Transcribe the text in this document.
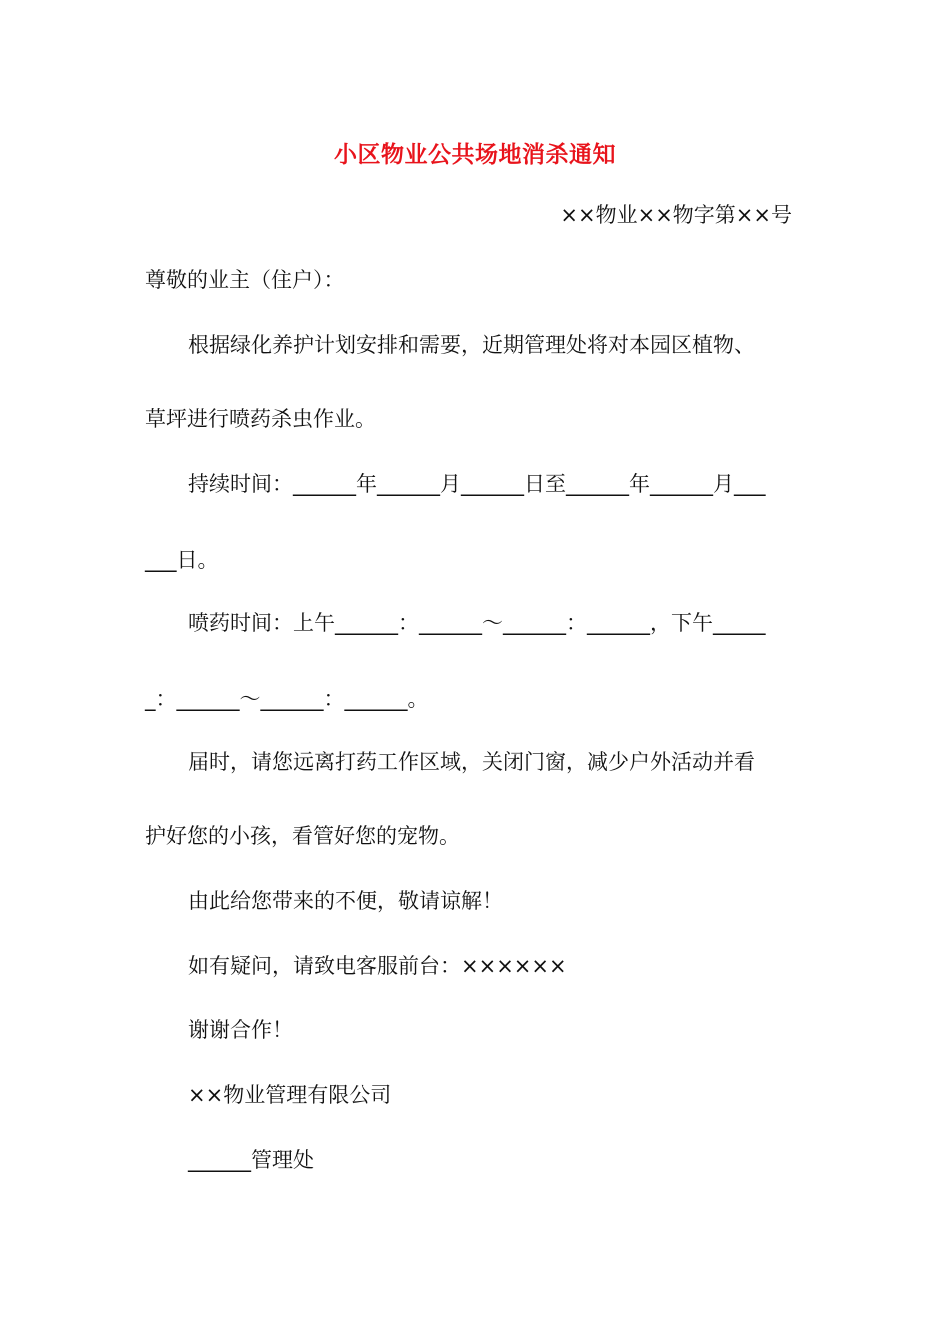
小区物业公共场地消杀通知
××物业××物字第××号
尊敬的业主（住户）：
根据绿化养护计划安排和需要，近期管理处将对本园区植物、
草坪进行喷药杀虫作业。
持续时间：______年______月______日至______年______月___
___日。
喷药时间：上午______：______～______：______，下午_____
_：______～______：______。
届时，请您远离打药工作区域，关闭门窗，减少户外活动并看
护好您的小孩，看管好您的宠物。
由此给您带来的不便，敬请谅解！
如有疑问，请致电客服前台：××××××
谢谢合作！
××物业管理有限公司
______管理处
